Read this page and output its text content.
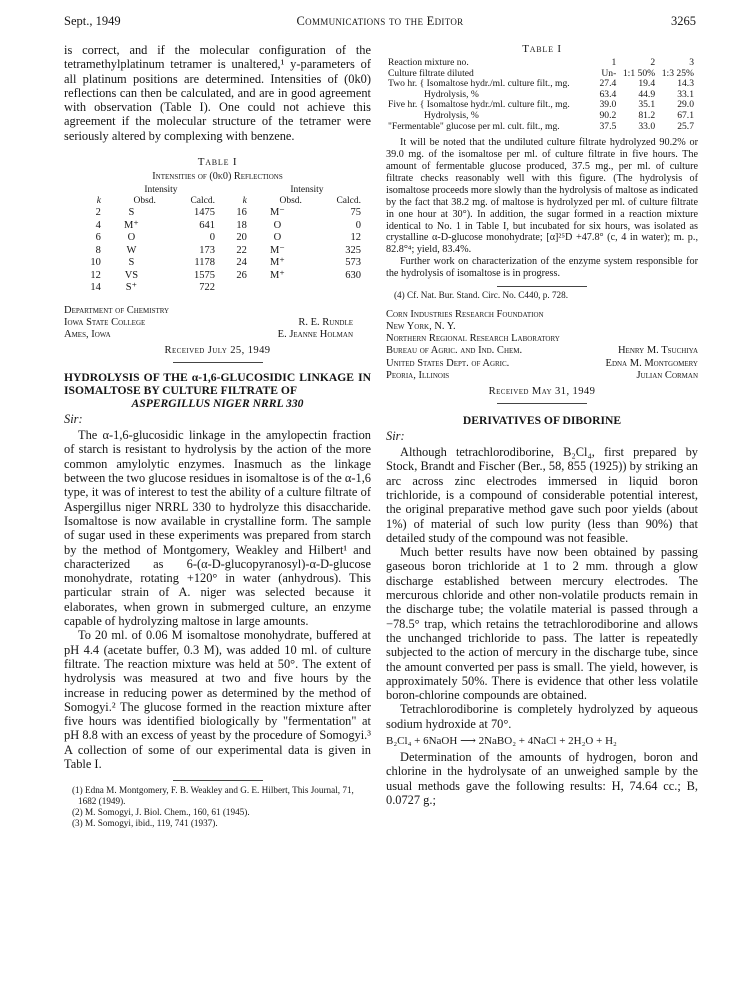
Sept., 1949	Communications to the Editor	3265

is correct, and if the molecular configuration of the tetramethylplatinum tetramer is unaltered,¹ y-parameters of all platinum positions are determined. Intensities of (0k0) reflections can then be calculated, and are in good agreement with observation (Table I). One could not achieve this agreement if the molecular structure of the tetramer were seriously altered by complexing with benzene.

Table I
Intensities of (0k0) Reflections
	Intensity			Intensity	
k	Obsd.	Calcd.	k	Obsd.	Calcd.
2	S	1475	16	M⁻	75
4	M⁺	641	18	O	0
6	O	0	20	O	12
8	W	173	22	M⁻	325
10	S	1178	24	M⁺	573
12	VS	1575	26	M⁺	630
14	S⁺	722			
Department of Chemistry
Iowa State College	R. E. Rundle
Ames, Iowa	E. Jeanne Holman
Received July 25, 1949
HYDROLYSIS OF THE α-1,6-GLUCOSIDIC LINKAGE IN ISOMALTOSE BY CULTURE FILTRATE OF
ASPERGILLUS NIGER NRRL 330
Sir:

The α-1,6-glucosidic linkage in the amylopectin fraction of starch is resistant to hydrolysis by the action of the more common amylolytic enzymes. Inasmuch as the linkage between the two glucose residues in isomaltose is of the α-1,6 type, it was of interest to test the ability of a culture filtrate of Aspergillus niger NRRL 330 to hydrolyze this disaccharide. Isomaltose is now available in crystalline form. The sample of sugar used in these experiments was prepared from starch by the method of Montgomery, Weakley and Hilbert¹ and characterized as 6-(α-D-glucopyranosyl)-α-D-glucose monohydrate, rotating +120° in water (anhydrous). This particular strain of A. niger was selected because it elaborates, when grown in submerged culture, an enzyme capable of hydrolyzing maltose in large amounts.

To 20 ml. of 0.06 M isomaltose monohydrate, buffered at pH 4.4 (acetate buffer, 0.3 M), was added 10 ml. of culture filtrate. The reaction mixture was held at 50°. The extent of hydrolysis was measured at two and five hours by the increase in reducing power as determined by the method of Somogyi.² The glucose formed in the reaction mixture after five hours was identified biologically by "fermentation" at pH 8.8 with an excess of yeast by the procedure of Somogyi.³ A collection of some of our experimental data is given in Table I.

(1) Edna M. Montgomery, F. B. Weakley and G. E. Hilbert, This Journal, 71, 1682 (1949).
(2) M. Somogyi, J. Biol. Chem., 160, 61 (1945).
(3) M. Somogyi, ibid., 119, 741 (1937).
Table I
Reaction mixture no.	1	2	3
Culture filtrate diluted	Un-	1:1 50%	1:3 25%
Two hr. { Isomaltose hydr./ml. culture filt., mg.	27.4	19.4	14.3
Hydrolysis, %	63.4	44.9	33.1
Five hr. { Isomaltose hydr./ml. culture filt., mg.	39.0	35.1	29.0
Hydrolysis, %	90.2	81.2	67.1
"Fermentable" glucose per ml. cult. filt., mg.	37.5	33.0	25.7

It will be noted that the undiluted culture filtrate hydrolyzed 90.2% or 39.0 mg. of the isomaltose per ml. of culture filtrate in five hours. The amount of fermentable glucose produced, 37.5 mg., per ml. of culture filtrate checks reasonably well with this figure. (The hydrolysis of isomaltose proceeds more slowly than the hydrolysis of maltose as indicated by the fact that 38.2 mg. of maltose is hydrolyzed per ml. of culture filtrate in one hour at 30°). In addition, the sugar formed in a reaction mixture identical to No. 1 in Table I, but incubated for six hours, was isolated as crystalline α-D-glucose monohydrate; [α]²⁵D +47.8° (c, 4 in water); m. p., 82.8°⁴; yield, 83.4%.

Further work on characterization of the enzyme system responsible for the hydrolysis of isomaltose is in progress.

(4) Cf. Nat. Bur. Stand. Circ. No. C440, p. 728.
Corn Industries Research Foundation
New York, N. Y.
Northern Regional Research Laboratory
Bureau of Agric. and Ind. Chem.	Henry M. Tsuchiya
United States Dept. of Agric.	Edna M. Montgomery
Peoria, Illinois	Julian Corman
Received May 31, 1949
DERIVATIVES OF DIBORINE
Sir:

Although tetrachlorodiborine, B₂Cl₄, first prepared by Stock, Brandt and Fischer (Ber., 58, 855 (1925)) by striking an arc across zinc electrodes immersed in liquid boron trichloride, is a compound of considerable potential interest, the original preparative method gave such poor yields (about 1%) of material of such low purity (less than 90%) that detailed study of the compound was not feasible.

Much better results have now been obtained by passing gaseous boron trichloride at 1 to 2 mm. through a glow discharge established between mercury electrodes. The mercurous chloride and other non-volatile products remain in the discharge tube; the volatile material is passed through a −78.5° trap, which retains the tetrachlorodiborine and allows the unchanged trichloride to pass. The latter is repeatedly subjected to the action of mercury in the discharge tube, since the amount converted per pass is small. The yield, however, is approximately 50%. There is evidence that other less volatile boron-chlorine compounds are obtained.

Tetrachlorodiborine is completely hydrolyzed by aqueous sodium hydroxide at 70°.

B₂Cl₄ + 6NaOH ⟶ 2NaBO₂ + 4NaCl + 2H₂O + H₂

Determination of the amounts of hydrogen, boron and chlorine in the hydrolysate of an unweighed sample by the usual methods gave the following results: H, 74.64 cc.; B, 0.0727 g.;
